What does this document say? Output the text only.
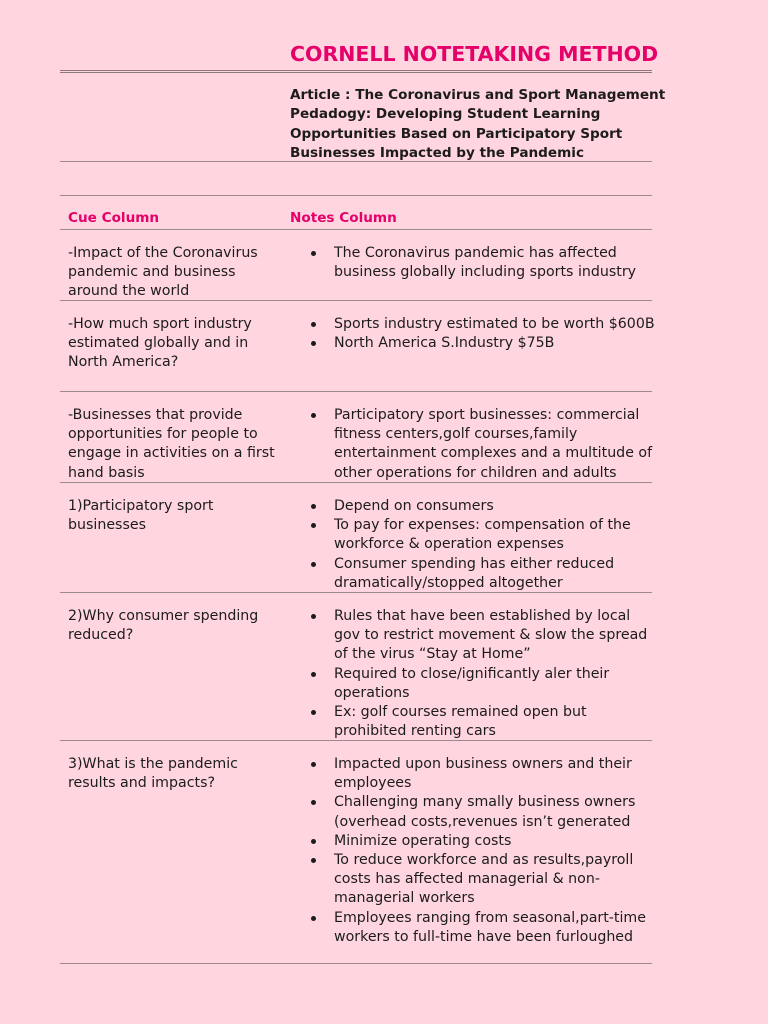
CORNELL NOTETAKING METHOD
Article : The Coronavirus and Sport Management Pedadogy: Developing Student Learning Opportunities Based on Participatory Sport Businesses Impacted by the Pandemic
Cue Column	Notes Column
-Impact of the Coronavirus pandemic and business around the world
The Coronavirus pandemic has affected business globally including sports industry
-How much sport industry estimated globally and in North America?
Sports industry estimated to be worth $600B
North America S.Industry $75B
-Businesses that provide opportunities for people to engage in activities on a first hand basis
Participatory sport businesses: commercial fitness centers,golf courses,family entertainment complexes and a multitude of other operations for children and adults
1)Participatory sport businesses
Depend on consumers
To pay for expenses: compensation of the workforce & operation expenses
Consumer spending has either reduced dramatically/stopped altogether
2)Why consumer spending reduced?
Rules that have been established by local gov to restrict movement & slow the spread of the virus “Stay at Home”
Required to close/ignificantly aler their operations
Ex: golf courses remained open but prohibited renting cars
3)What is the pandemic results and impacts?
Impacted upon business owners and their employees
Challenging many smally business owners (overhead costs,revenues isn’t generated
Minimize operating costs
To reduce workforce and as results,payroll costs has affected managerial & non-managerial workers
Employees ranging from seasonal,part-time workers to full-time have been furloughed
